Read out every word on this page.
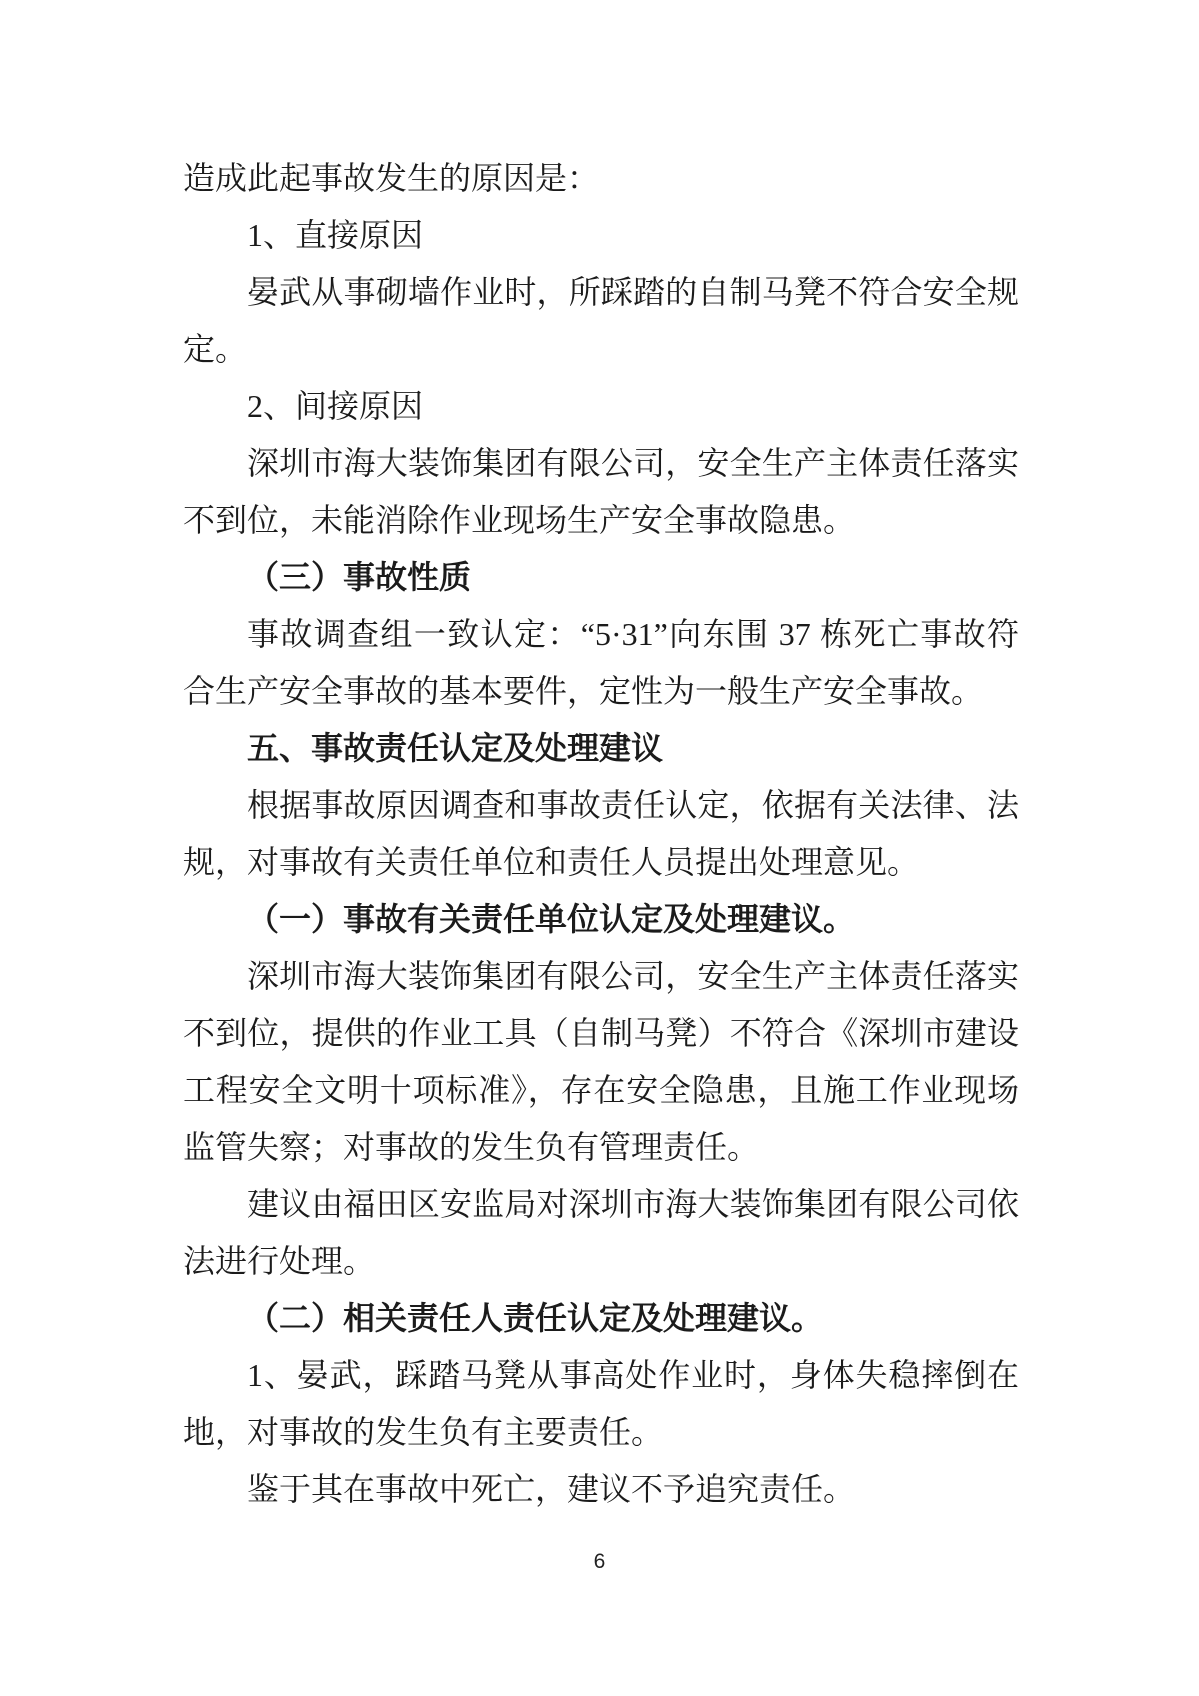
造成此起事故发生的原因是：

1、直接原因

晏武从事砌墙作业时，所踩踏的自制马凳不符合安全规定。

2、间接原因

深圳市海大装饰集团有限公司，安全生产主体责任落实不到位，未能消除作业现场生产安全事故隐患。

（三）事故性质

事故调查组一致认定：“5·31”向东围 37 栋死亡事故符合生产安全事故的基本要件，定性为一般生产安全事故。

五、事故责任认定及处理建议

根据事故原因调查和事故责任认定，依据有关法律、法规，对事故有关责任单位和责任人员提出处理意见。

（一）事故有关责任单位认定及处理建议。

深圳市海大装饰集团有限公司，安全生产主体责任落实不到位，提供的作业工具（自制马凳）不符合《深圳市建设工程安全文明十项标准》，存在安全隐患，且施工作业现场监管失察；对事故的发生负有管理责任。

建议由福田区安监局对深圳市海大装饰集团有限公司依法进行处理。

（二）相关责任人责任认定及处理建议。

1、晏武，踩踏马凳从事高处作业时，身体失稳摔倒在地，对事故的发生负有主要责任。

鉴于其在事故中死亡，建议不予追究责任。

6
